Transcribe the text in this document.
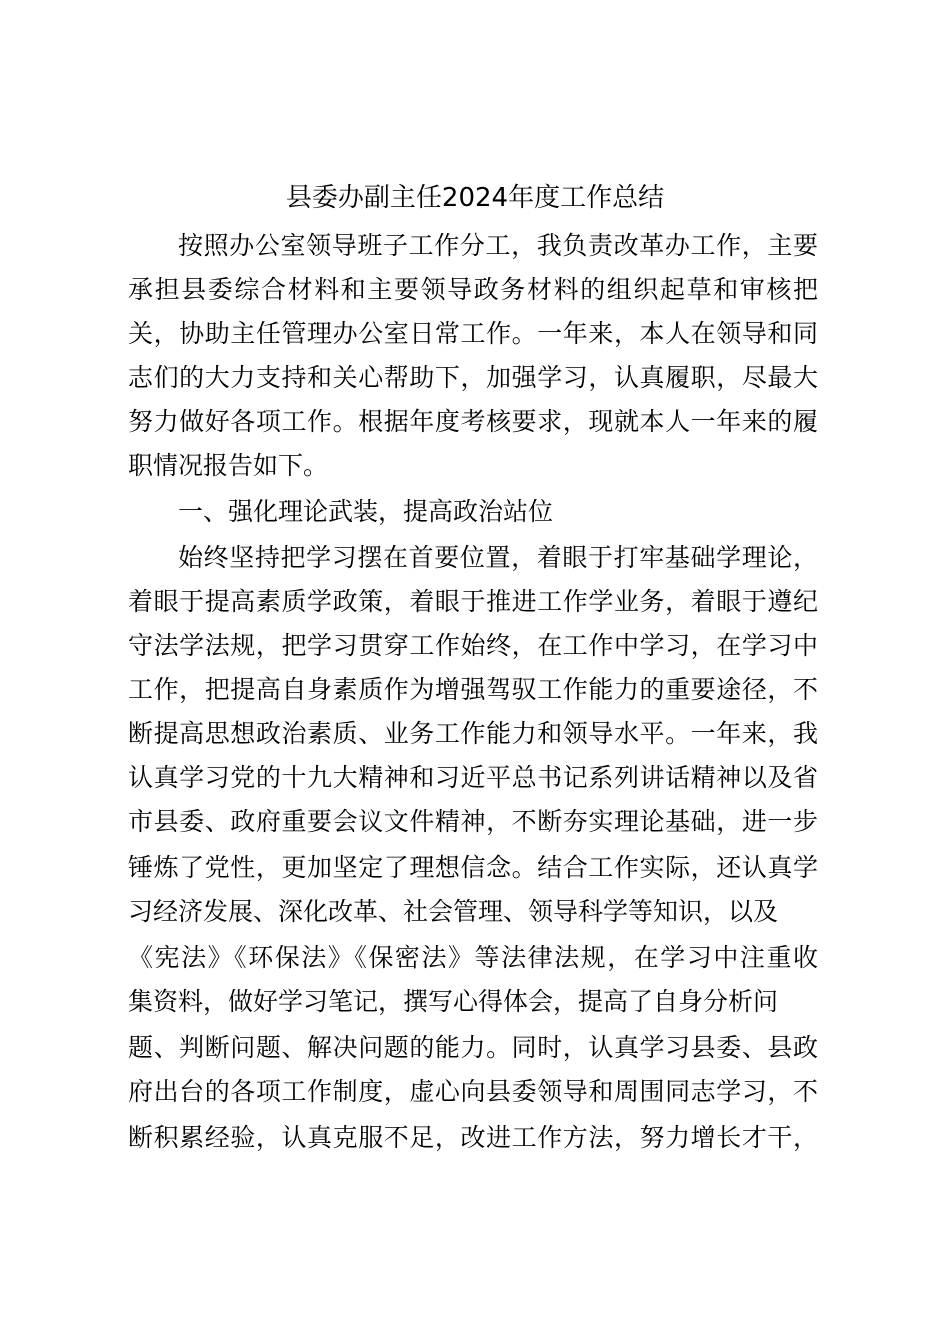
县委办副主任2024年度工作总结

按照办公室领导班子工作分工，我负责改革办工作，主要

承担县委综合材料和主要领导政务材料的组织起草和审核把

关，协助主任管理办公室日常工作。一年来，本人在领导和同

志们的大力支持和关心帮助下，加强学习，认真履职，尽最大

努力做好各项工作。根据年度考核要求，现就本人一年来的履

职情况报告如下。

一、强化理论武装，提高政治站位

始终坚持把学习摆在首要位置，着眼于打牢基础学理论，

着眼于提高素质学政策，着眼于推进工作学业务，着眼于遵纪

守法学法规，把学习贯穿工作始终，在工作中学习，在学习中

工作，把提高自身素质作为增强驾驭工作能力的重要途径，不

断提高思想政治素质、业务工作能力和领导水平。一年来，我

认真学习党的十九大精神和习近平总书记系列讲话精神以及省

市县委、政府重要会议文件精神，不断夯实理论基础，进一步

锤炼了党性，更加坚定了理想信念。结合工作实际，还认真学

习经济发展、深化改革、社会管理、领导科学等知识，以及

《宪法》《环保法》《保密法》等法律法规，在学习中注重收

集资料，做好学习笔记，撰写心得体会，提高了自身分析问

题、判断问题、解决问题的能力。同时，认真学习县委、县政

府出台的各项工作制度，虚心向县委领导和周围同志学习，不

断积累经验，认真克服不足，改进工作方法，努力增长才干，
